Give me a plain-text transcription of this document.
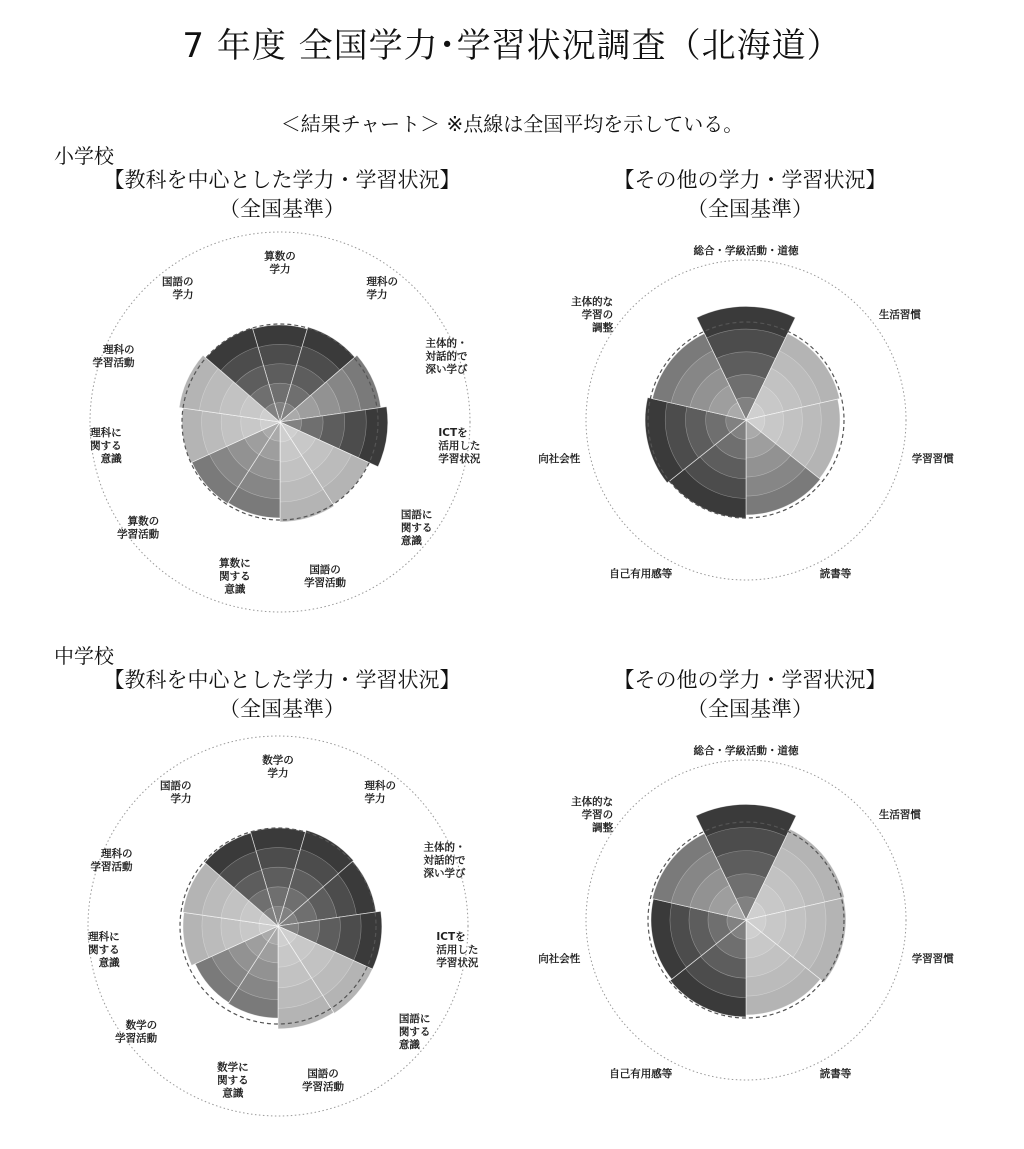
7 年度 全国学力･学習状況調査（北海道）
＜結果チャート＞ ※点線は全国平均を示している。
小学校
中学校
【教科を中心とした学力・学習状況】
（全国基準）
【その他の学力・学習状況】
（全国基準）
【教科を中心とした学力・学習状況】
（全国基準）
【その他の学力・学習状況】
（全国基準）
算数の学力
理科の学力
主体的・対話的で深い学び
ICTを活用した学習状況
国語に関する意識
国語の学習活動
算数に関する意識
算数の学習活動
理科に関する意識
理科の学習活動
国語の学力
総合・学級活動・道徳
生活習慣
学習習慣
読書等
自己有用感等
向社会性
主体的な学習の調整
数学の学力
理科の学力
主体的・対話的で深い学び
ICTを活用した学習状況
国語に関する意識
国語の学習活動
数学に関する意識
数学の学習活動
理科に関する意識
理科の学習活動
国語の学力
総合・学級活動・道徳
生活習慣
学習習慣
読書等
自己有用感等
向社会性
主体的な学習の調整
